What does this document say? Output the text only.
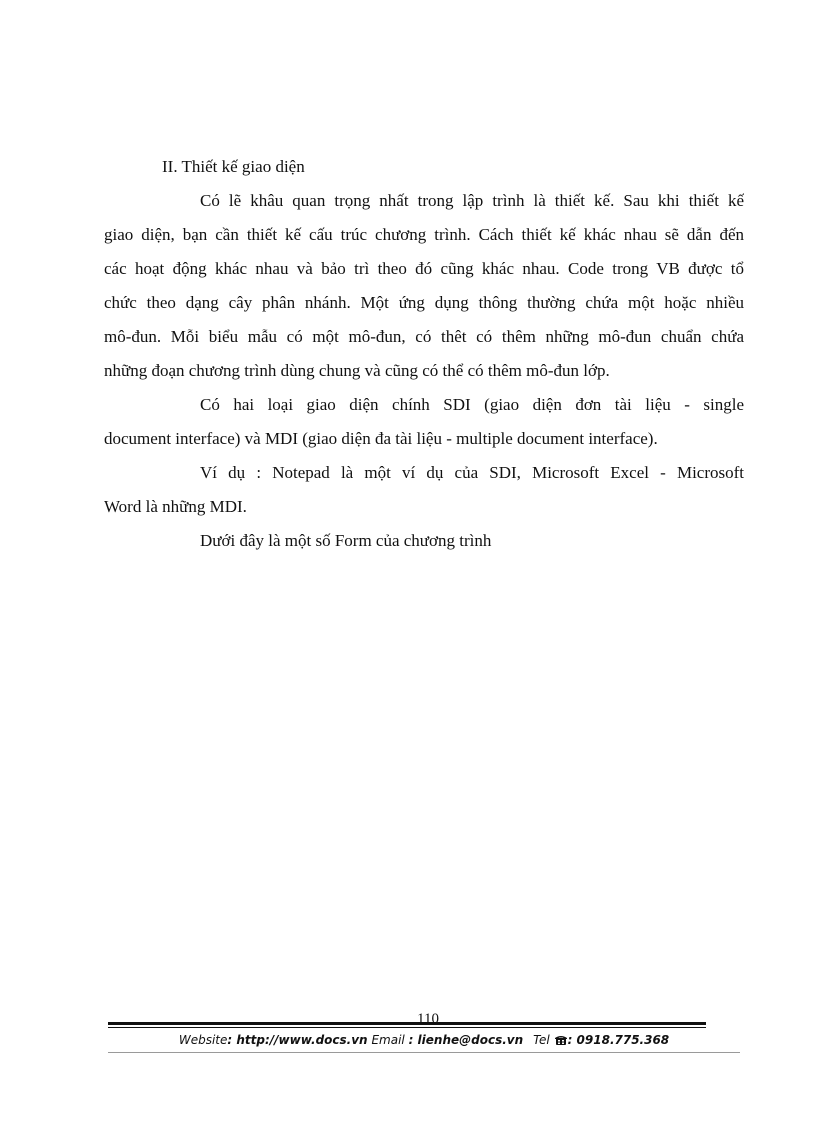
II. Thiết kế giao diện
Có lẽ khâu quan trọng nhất trong lập trình là thiết kế. Sau khi thiết kế
giao diện, bạn cần thiết kế cấu trúc chương trình. Cách thiết kế khác nhau sẽ dẫn đến
các hoạt động khác nhau và bảo trì theo đó cũng khác nhau. Code trong VB được tổ
chức theo dạng cây phân nhánh. Một ứng dụng thông thường chứa một hoặc nhiều
mô-đun. Mỗi biểu mẫu có một mô-đun, có thêt có thêm những mô-đun chuẩn chứa
những đoạn chương trình dùng chung và cũng có thể có thêm mô-đun lớp.
Có hai loại giao diện chính SDI (giao diện đơn tài liệu - single
document interface) và MDI (giao diện đa tài liệu - multiple document interface).
Ví dụ : Notepad là một ví dụ của SDI, Microsoft Excel - Microsoft
Word là những MDI.
Dưới đây là một số Form của chương trình
110
Website: http://www.docs.vn Email : lienhe@docs.vn Tel : 0918.775.368
